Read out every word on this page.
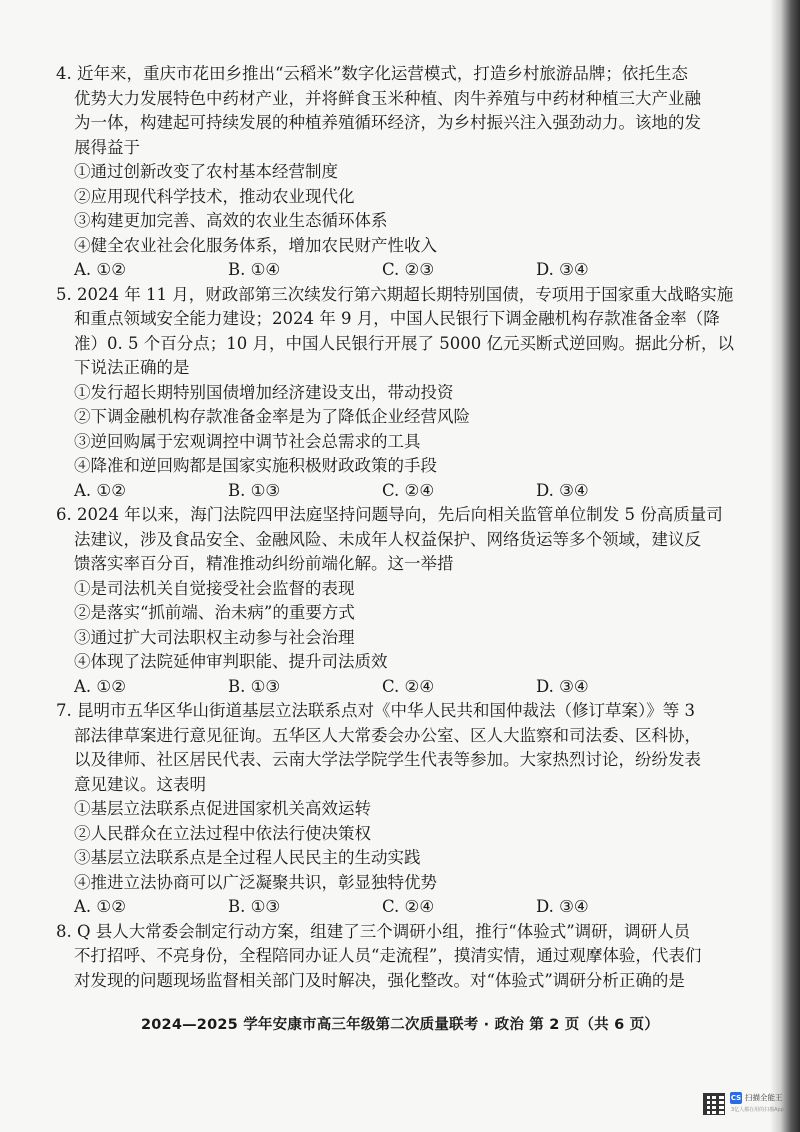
4. 近年来，重庆市花田乡推出“云稻米”数字化运营模式，打造乡村旅游品牌；依托生态
优势大力发展特色中药材产业，并将鲜食玉米种植、肉牛养殖与中药材种植三大产业融
为一体，构建起可持续发展的种植养殖循环经济，为乡村振兴注入强劲动力。该地的发
展得益于
①通过创新改变了农村基本经营制度
②应用现代科学技术，推动农业现代化
③构建更加完善、高效的农业生态循环体系
④健全农业社会化服务体系，增加农民财产性收入
A. ①②	B. ①④	C. ②③	D. ③④
5. 2024 年 11 月，财政部第三次续发行第六期超长期特别国债，专项用于国家重大战略实施
和重点领域安全能力建设；2024 年 9 月，中国人民银行下调金融机构存款准备金率（降
准）0. 5 个百分点；10 月，中国人民银行开展了 5000 亿元买断式逆回购。据此分析，以
下说法正确的是
①发行超长期特别国债增加经济建设支出，带动投资
②下调金融机构存款准备金率是为了降低企业经营风险
③逆回购属于宏观调控中调节社会总需求的工具
④降准和逆回购都是国家实施积极财政政策的手段
A. ①②	B. ①③	C. ②④	D. ③④
6. 2024 年以来，海门法院四甲法庭坚持问题导向，先后向相关监管单位制发 5 份高质量司
法建议，涉及食品安全、金融风险、未成年人权益保护、网络货运等多个领域，建议反
馈落实率百分百，精准推动纠纷前端化解。这一举措
①是司法机关自觉接受社会监督的表现
②是落实“抓前端、治未病”的重要方式
③通过扩大司法职权主动参与社会治理
④体现了法院延伸审判职能、提升司法质效
A. ①②	B. ①③	C. ②④	D. ③④
7. 昆明市五华区华山街道基层立法联系点对《中华人民共和国仲裁法（修订草案）》等 3
部法律草案进行意见征询。五华区人大常委会办公室、区人大监察和司法委、区科协，
以及律师、社区居民代表、云南大学法学院学生代表等参加。大家热烈讨论，纷纷发表
意见建议。这表明
①基层立法联系点促进国家机关高效运转
②人民群众在立法过程中依法行使决策权
③基层立法联系点是全过程人民民主的生动实践
④推进立法协商可以广泛凝聚共识，彰显独特优势
A. ①②	B. ①③	C. ②④	D. ③④
8. Q 县人大常委会制定行动方案，组建了三个调研小组，推行“体验式”调研，调研人员
不打招呼、不亮身份，全程陪同办证人员“走流程”，摸清实情，通过观摩体验，代表们
对发现的问题现场监督相关部门及时解决，强化整改。对“体验式”调研分析正确的是
2024—2025 学年安康市高三年级第二次质量联考 · 政治 第 2 页（共 6 页）
CS 扫描全能王
3亿人都在用的扫描App
